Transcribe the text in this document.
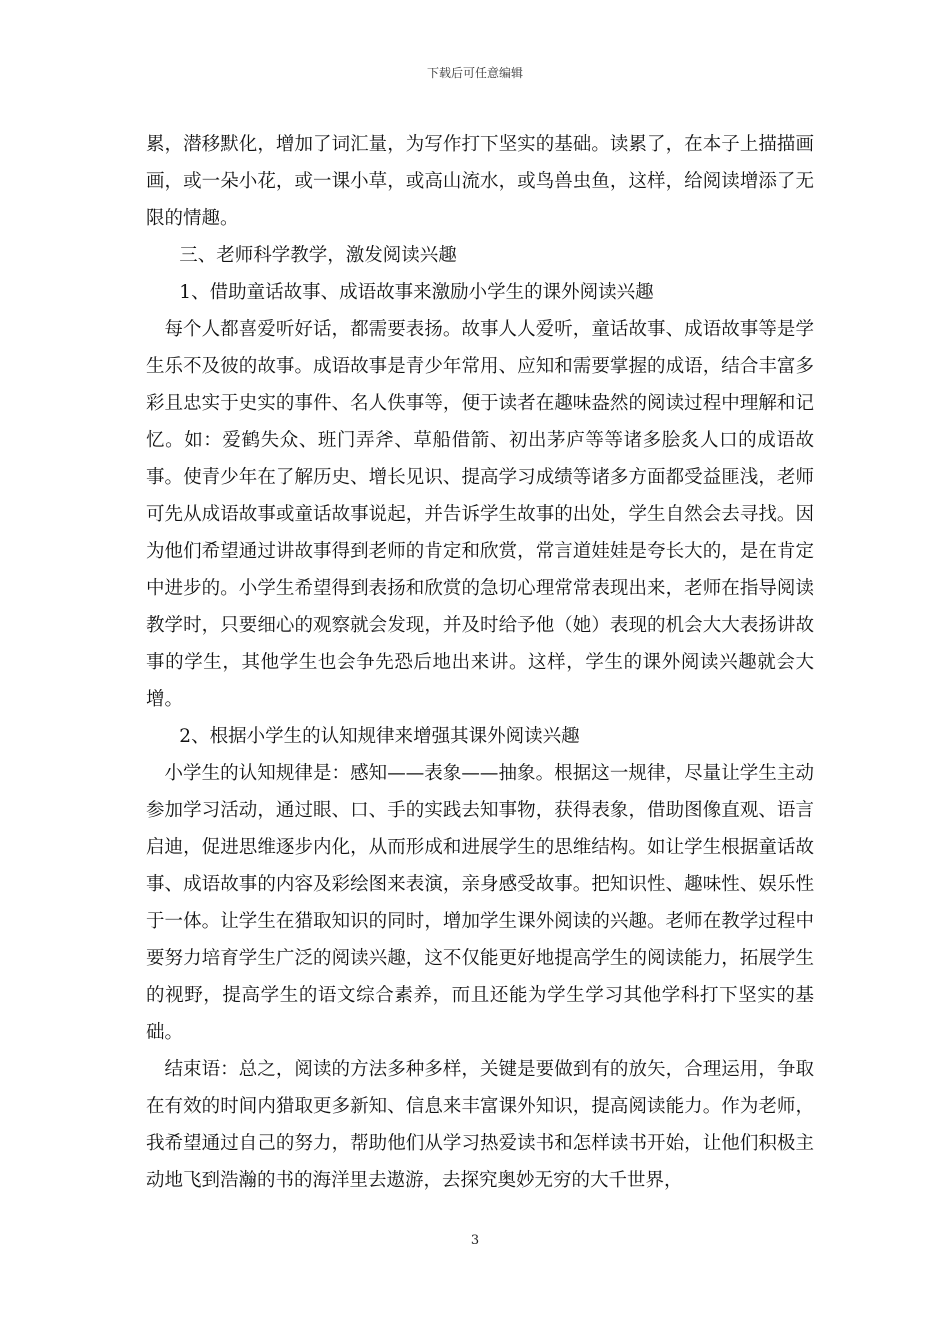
下载后可任意编辑

累，潜移默化，增加了词汇量，为写作打下坚实的基础。读累了，在本子上描描画画，或一朵小花，或一课小草，或高山流水，或鸟兽虫鱼，这样，给阅读增添了无限的情趣。

三、老师科学教学，激发阅读兴趣

1、借助童话故事、成语故事来激励小学生的课外阅读兴趣

每个人都喜爱听好话，都需要表扬。故事人人爱听，童话故事、成语故事等是学生乐不及彼的故事。成语故事是青少年常用、应知和需要掌握的成语，结合丰富多彩且忠实于史实的事件、名人佚事等，便于读者在趣味盎然的阅读过程中理解和记忆。如：爱鹤失众、班门弄斧、草船借箭、初出茅庐等等诸多脍炙人口的成语故事。使青少年在了解历史、增长见识、提高学习成绩等诸多方面都受益匪浅，老师可先从成语故事或童话故事说起，并告诉学生故事的出处，学生自然会去寻找。因为他们希望通过讲故事得到老师的肯定和欣赏，常言道娃娃是夸长大的，是在肯定中进步的。小学生希望得到表扬和欣赏的急切心理常常表现出来，老师在指导阅读教学时，只要细心的观察就会发现，并及时给予他（她）表现的机会大大表扬讲故事的学生，其他学生也会争先恐后地出来讲。这样，学生的课外阅读兴趣就会大增。

2、根据小学生的认知规律来增强其课外阅读兴趣

小学生的认知规律是：感知——表象——抽象。根据这一规律，尽量让学生主动参加学习活动，通过眼、口、手的实践去知事物，获得表象，借助图像直观、语言启迪，促进思维逐步内化，从而形成和进展学生的思维结构。如让学生根据童话故事、成语故事的内容及彩绘图来表演，亲身感受故事。把知识性、趣味性、娱乐性于一体。让学生在猎取知识的同时，增加学生课外阅读的兴趣。老师在教学过程中要努力培育学生广泛的阅读兴趣，这不仅能更好地提高学生的阅读能力，拓展学生的视野，提高学生的语文综合素养，而且还能为学生学习其他学科打下坚实的基础。

结束语：总之，阅读的方法多种多样，关键是要做到有的放矢，合理运用，争取在有效的时间内猎取更多新知、信息来丰富课外知识，提高阅读能力。作为老师，我希望通过自己的努力，帮助他们从学习热爱读书和怎样读书开始，让他们积极主动地飞到浩瀚的书的海洋里去遨游，去探究奥妙无穷的大千世界，

3
